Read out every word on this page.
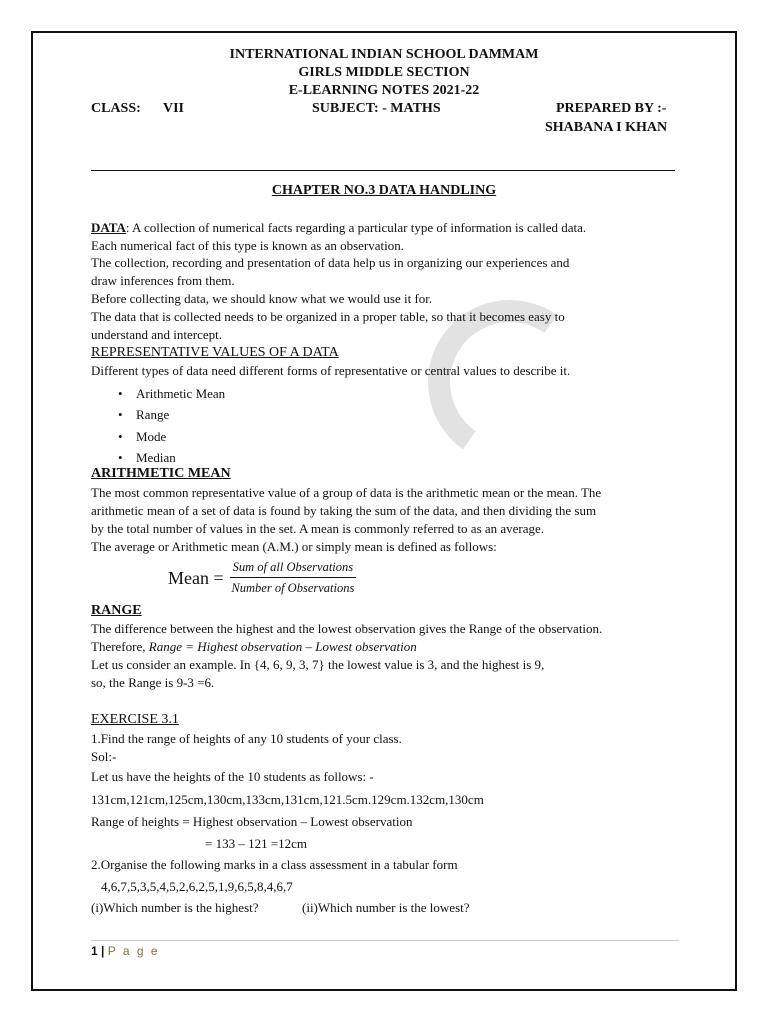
INTERNATIONAL INDIAN SCHOOL DAMMAM
GIRLS MIDDLE SECTION
E-LEARNING NOTES 2021-22
CLASS: VII	SUBJECT: - MATHS	PREPARED BY :-
SHABANA I KHAN
CHAPTER NO.3 DATA HANDLING
DATA: A collection of numerical facts regarding a particular type of information is called data.
Each numerical fact of this type is known as an observation.
The collection, recording and presentation of data help us in organizing our experiences and
draw inferences from them.
Before collecting data, we should know what we would use it for.
The data that is collected needs to be organized in a proper table, so that it becomes easy to
understand and intercept.
REPRESENTATIVE VALUES OF A DATA
Different types of data need different forms of representative or central values to describe it.
• Arithmetic Mean
• Range
• Mode
• Median
ARITHMETIC MEAN
The most common representative value of a group of data is the arithmetic mean or the mean. The
arithmetic mean of a set of data is found by taking the sum of the data, and then dividing the sum
by the total number of values in the set. A mean is commonly referred to as an average.
The average or Arithmetic mean (A.M.) or simply mean is defined as follows:
Mean = $\frac{\text{Sum of all Observations}}{\text{Number of Observations}}$
RANGE
The difference between the highest and the lowest observation gives the Range of the observation.
Therefore, Range = Highest observation – Lowest observation
Let us consider an example. In {4, 6, 9, 3, 7} the lowest value is 3, and the highest is 9,
so, the Range is 9-3 =6.
EXERCISE 3.1
1.Find the range of heights of any 10 students of your class.
Sol:-
Let us have the heights of the 10 students as follows: -
131cm,121cm,125cm,130cm,133cm,131cm,121.5cm.129cm.132cm,130cm
Range of heights = Highest observation – Lowest observation
= 133 – 121 =12cm
2.Organise the following marks in a class assessment in a tabular form
4,6,7,5,3,5,4,5,2,6,2,5,1,9,6,5,8,4,6,7
(i)Which number is the highest?	(ii)Which number is the lowest?
1 | P a g e
